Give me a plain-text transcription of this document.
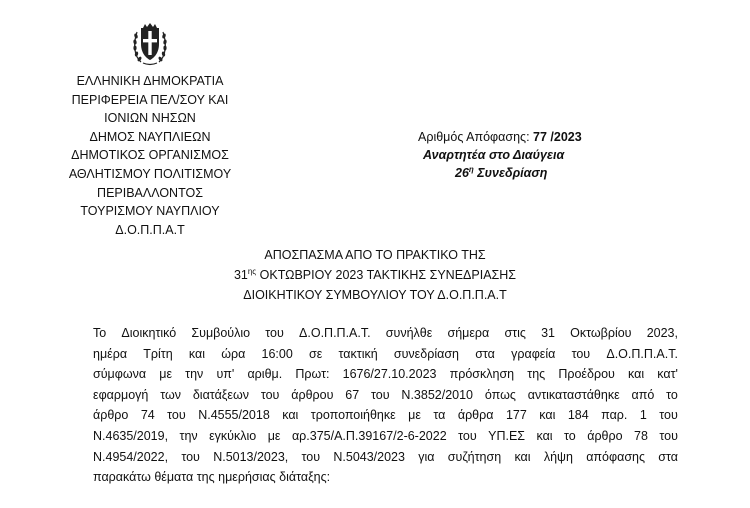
ΕΛΛΗΝΙΚΗ ΔΗΜΟΚΡΑΤΙΑ
ΠΕΡΙΦΕΡΕΙΑ ΠΕΛ/ΣΟΥ ΚΑΙ
ΙΟΝΙΩΝ ΝΗΣΩΝ
ΔΗΜΟΣ ΝΑΥΠΛΙΕΩΝ
ΔΗΜΟΤΙΚΟΣ ΟΡΓΑΝΙΣΜΟΣ
ΑΘΛΗΤΙΣΜΟΥ ΠΟΛΙΤΙΣΜΟΥ
ΠΕΡΙΒΑΛΛΟΝΤΟΣ
ΤΟΥΡΙΣΜΟΥ ΝΑΥΠΛΙΟΥ
Δ.Ο.Π.Π.Α.Τ
Αριθμός Απόφασης: 77 /2023
Αναρτητέα στο Διαύγεια
$26^\eta$ Συνεδρίαση
ΑΠΟΣΠΑΣΜΑ ΑΠΟ ΤΟ ΠΡΑΚΤΙΚΟ ΤΗΣ
$31^{\eta\varsigma}$ ΟΚΤΩΒΡΙΟΥ 2023 ΤΑΚΤΙΚΗΣ ΣΥΝΕΔΡΙΑΣΗΣ
ΔΙΟΙΚΗΤΙΚΟΥ ΣΥΜΒΟΥΛΙΟΥ ΤΟΥ Δ.Ο.Π.Π.Α.Τ
Το Διοικητικό Συμβούλιο του Δ.Ο.Π.Π.Α.Τ. συνήλθε σήμερα στις 31 Οκτωβρίου 2023,
ημέρα Τρίτη και ώρα 16:00 σε τακτική συνεδρίαση στα γραφεία του Δ.Ο.Π.Π.Α.Τ.
σύμφωνα με την υπ' αριθμ. Πρωτ: 1676/27.10.2023 πρόσκληση της Προέδρου και κατ'
εφαρμογή των διατάξεων του άρθρου 67 του Ν.3852/2010 όπως αντικαταστάθηκε από το
άρθρο 74 του Ν.4555/2018 και τροποποιήθηκε με τα άρθρα 177 και 184 παρ. 1 του
Ν.4635/2019, την εγκύκλιο με αρ.375/Α.Π.39167/2-6-2022 του ΥΠ.ΕΣ και το άρθρο 78 του
Ν.4954/2022, του Ν.5013/2023, του Ν.5043/2023 για συζήτηση και λήψη απόφασης στα
παρακάτω θέματα της ημερήσιας διάταξης:
